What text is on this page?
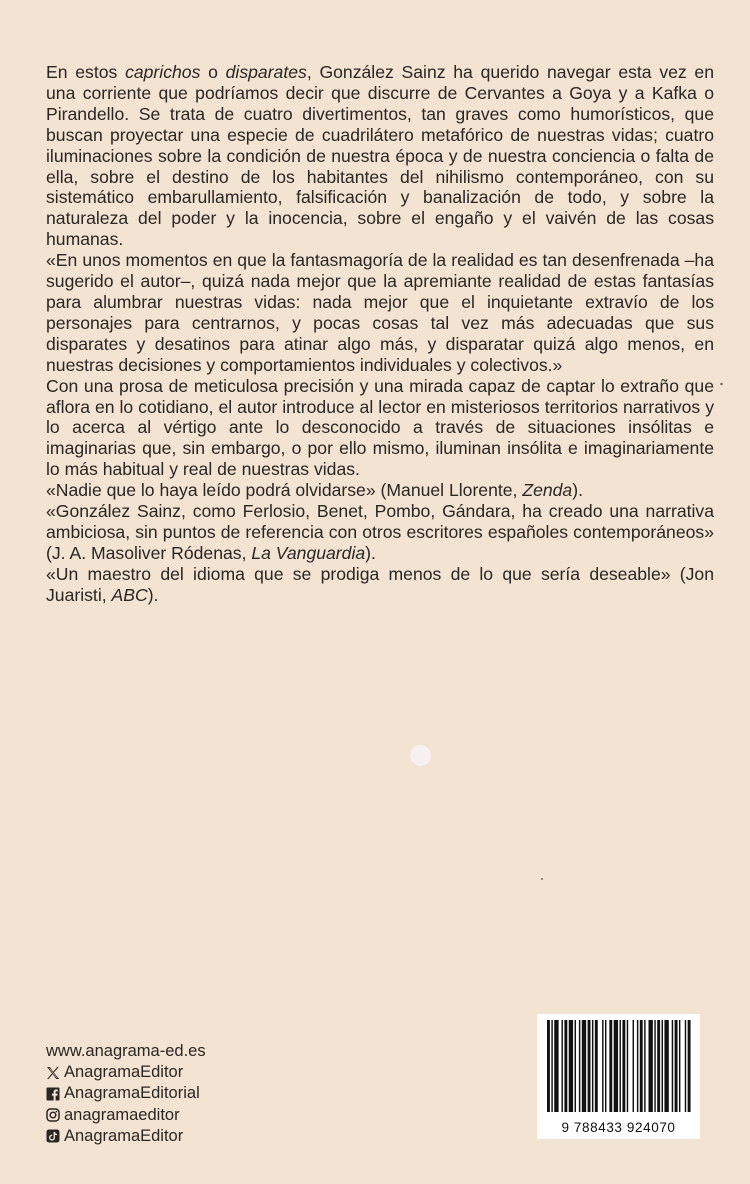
En estos caprichos o disparates, González Sainz ha querido navegar esta vez en una corriente que podríamos decir que discurre de Cervantes a Goya y a Kafka o Pirandello. Se trata de cuatro divertimentos, tan graves como humorísticos, que buscan proyectar una especie de cuadrilátero metafórico de nuestras vidas; cuatro iluminaciones sobre la condición de nuestra época y de nuestra conciencia o falta de ella, sobre el destino de los habitantes del nihilismo contemporáneo, con su sistemático embarullamiento, falsificación y banalización de todo, y sobre la naturaleza del poder y la inocencia, sobre el engaño y el vaivén de las cosas humanas.

«En unos momentos en que la fantasmagoría de la realidad es tan desenfrenada –ha sugerido el autor–, quizá nada mejor que la apremiante realidad de estas fantasías para alumbrar nuestras vidas: nada mejor que el inquietante extravío de los personajes para centrarnos, y pocas cosas tal vez más adecuadas que sus disparates y desatinos para atinar algo más, y disparatar quizá algo menos, en nuestras decisiones y comportamientos individuales y colectivos.»

Con una prosa de meticulosa precisión y una mirada capaz de captar lo extraño que aflora en lo cotidiano, el autor introduce al lector en misteriosos territorios narrativos y lo acerca al vértigo ante lo desconocido a través de situaciones insólitas e imaginarias que, sin embargo, o por ello mismo, iluminan insólita e imaginariamente lo más habitual y real de nuestras vidas.

«Nadie que lo haya leído podrá olvidarse» (Manuel Llorente, Zenda).

«González Sainz, como Ferlosio, Benet, Pombo, Gándara, ha creado una narrativa ambiciosa, sin puntos de referencia con otros escritores españoles contemporáneos» (J. A. Masoliver Ródenas, La Vanguardia).

«Un maestro del idioma que se prodiga menos de lo que sería deseable» (Jon Juaristi, ABC).

www.anagrama-ed.es
AnagramaEditor
AnagramaEditorial
anagramaeditor
AnagramaEditor	9 788433 924070
